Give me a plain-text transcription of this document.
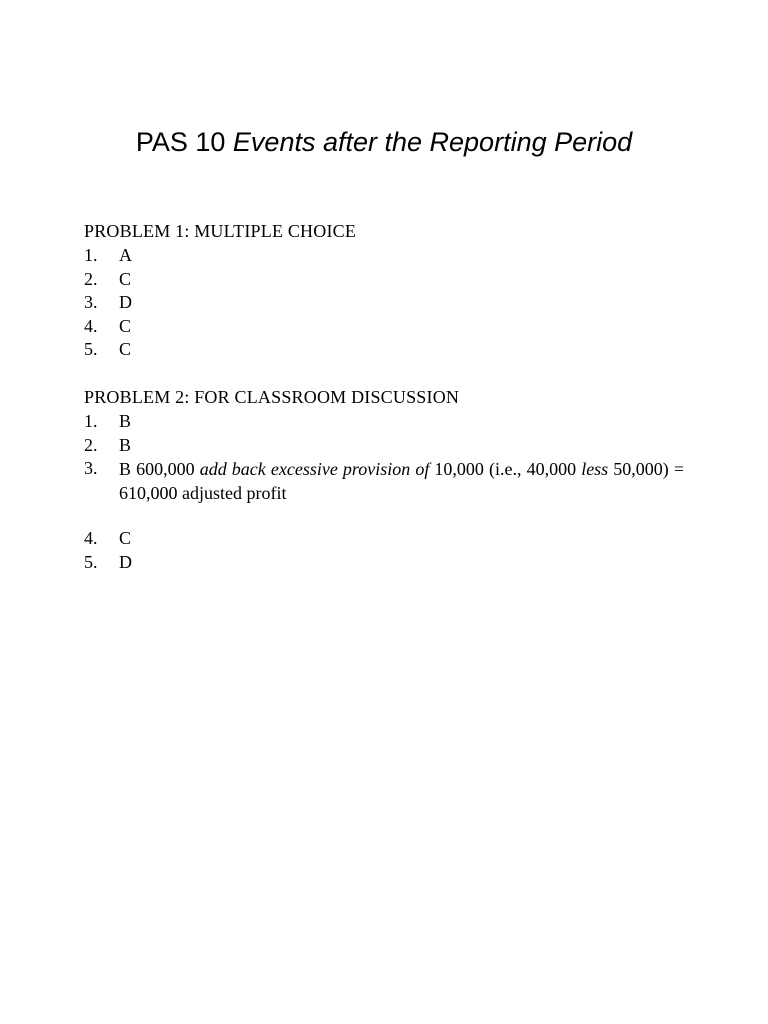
PAS 10 Events after the Reporting Period
PROBLEM 1: MULTIPLE CHOICE
1.	A
2.	C
3.	D
4.	C
5.	C
PROBLEM 2: FOR CLASSROOM DISCUSSION
1.	B
2.	B
3.	B 600,000 add back excessive provision of 10,000 (i.e., 40,000 less 50,000) = 610,000 adjusted profit
4.	C
5.	D
